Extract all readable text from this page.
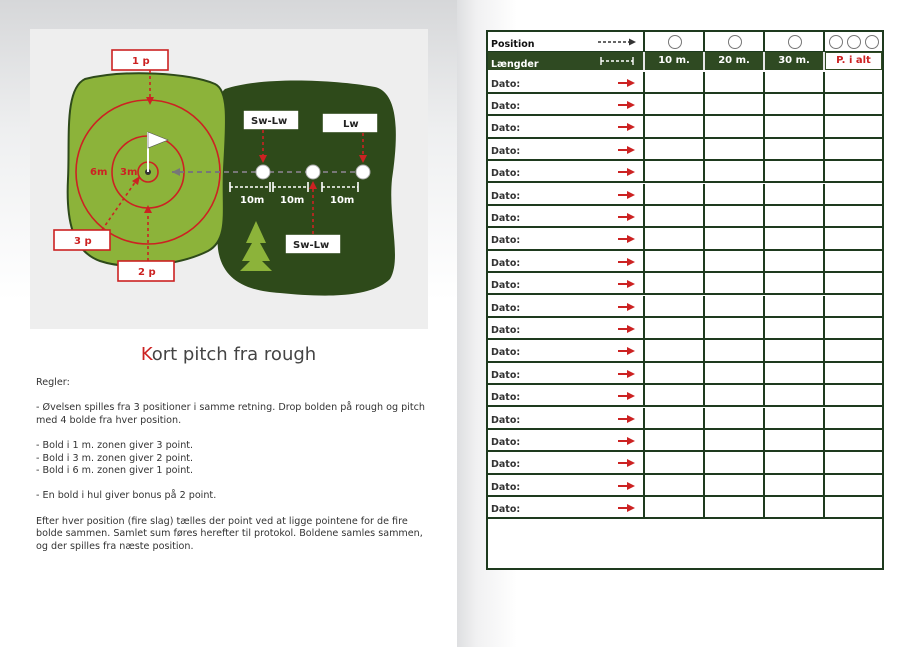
6m 3m
10m 10m	10m
1 p
3 p
2 p
Sw-Lw	Lw
Sw-Lw
Kort pitch fra rough

Regler:

- Øvelsen spilles fra 3 positioner i samme retning. Drop bolden på rough og pitch med 4 bolde fra hver position.

- Bold i 1 m. zonen giver 3 point.

- Bold i 3 m. zonen giver 2 point.

- Bold i 6 m. zonen giver 1 point.

- En bold i hul giver bonus på 2 point.

Efter hver position (fire slag) tælles der point ved at ligge pointene for de fire bolde sammen. Samlet sum føres herefter til protokol. Boldene samles sammen, og der spilles fra næste position.

Position
Længder	10 m.	20 m.	30 m.	P. i alt
Dato:
Dato:
Dato:
Dato:
Dato:
Dato:
Dato:
Dato:
Dato:
Dato:
Dato:
Dato:
Dato:
Dato:
Dato:
Dato:
Dato:
Dato:
Dato:
Dato:
